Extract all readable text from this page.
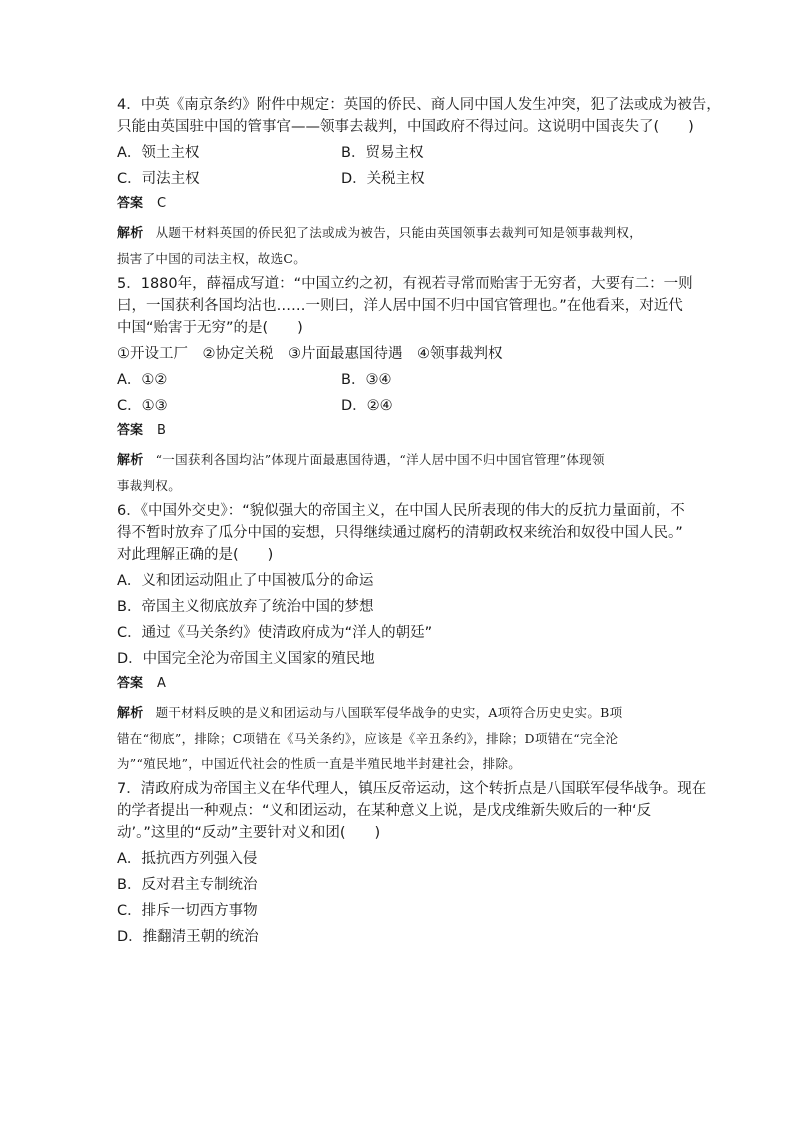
4．中英《南京条约》附件中规定：英国的侨民、商人同中国人发生冲突，犯了法或成为被告，
只能由英国驻中国的管事官——领事去裁判，中国政府不得过问。这说明中国丧失了(　　)
A．领土主权	B．贸易主权
C．司法主权	D．关税主权
答案 C
解析 从题干材料英国的侨民犯了法或成为被告，只能由英国领事去裁判可知是领事裁判权，
损害了中国的司法主权，故选C。
5．1880年，薛福成写道：“中国立约之初，有视若寻常而贻害于无穷者，大要有二：一则
曰，一国获利各国均沾也……一则曰，洋人居中国不归中国官管理也。”在他看来，对近代
中国“贻害于无穷”的是(　　)
①开设工厂　②协定关税　③片面最惠国待遇　④领事裁判权
A．①②	B．③④
C．①③	D．②④
答案 B
解析 “一国获利各国均沾”体现片面最惠国待遇，“洋人居中国不归中国官管理”体现领
事裁判权。
6．《中国外交史》：“貌似强大的帝国主义，在中国人民所表现的伟大的反抗力量面前，不
得不暂时放弃了瓜分中国的妄想，只得继续通过腐朽的清朝政权来统治和奴役中国人民。”
对此理解正确的是(　　)
A．义和团运动阻止了中国被瓜分的命运
B．帝国主义彻底放弃了统治中国的梦想
C．通过《马关条约》使清政府成为“洋人的朝廷”
D．中国完全沦为帝国主义国家的殖民地
答案 A
解析 题干材料反映的是义和团运动与八国联军侵华战争的史实，A项符合历史史实。B项
错在“彻底”，排除；C项错在《马关条约》，应该是《辛丑条约》，排除；D项错在“完全沦
为”“殖民地”，中国近代社会的性质一直是半殖民地半封建社会，排除。
7．清政府成为帝国主义在华代理人，镇压反帝运动，这个转折点是八国联军侵华战争。现在
的学者提出一种观点：“义和团运动，在某种意义上说，是戊戌维新失败后的一种‘反
动’。”这里的“反动”主要针对义和团(　　)
A．抵抗西方列强入侵
B．反对君主专制统治
C．排斥一切西方事物
D．推翻清王朝的统治
